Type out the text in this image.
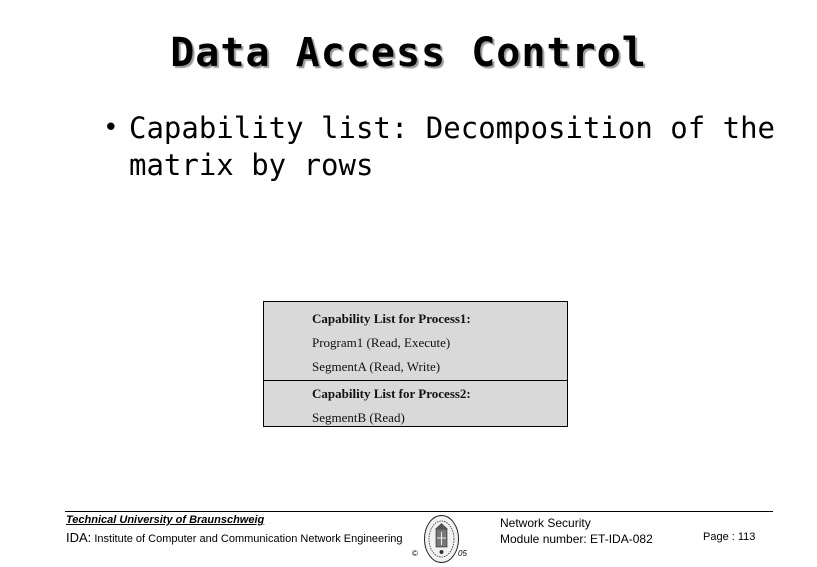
Data Access Control
• Capability list: Decomposition of the matrix by rows
Capability List for Process1:
Program1 (Read, Execute)
SegmentA (Read, Write)
Capability List for Process2:
SegmentB (Read)
Technical University of Braunschweig
IDA: Institute of Computer and Communication Network Engineering
©	05
Network Security
Module number: ET-IDA-082	Page : 113
